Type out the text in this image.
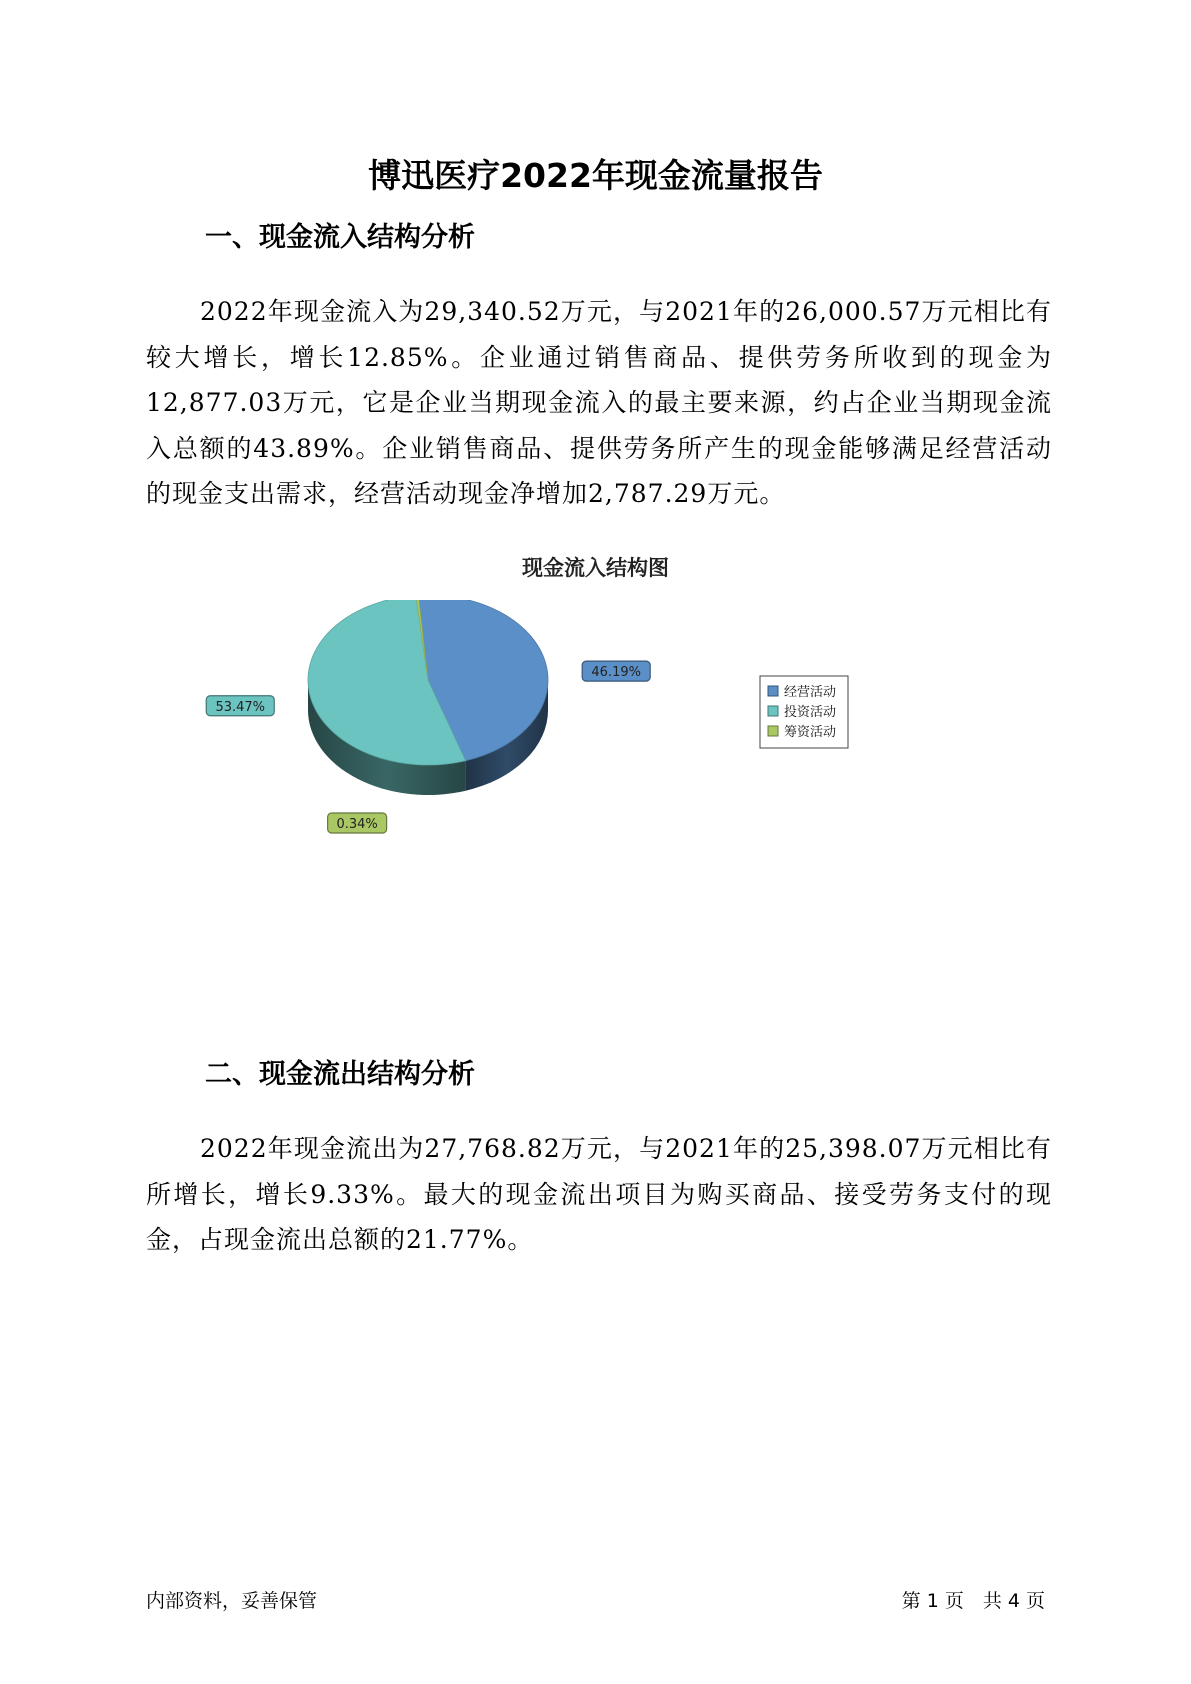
博迅医疗2022年现金流量报告
一、现金流入结构分析

2022年现金流入为29,340.52万元，与2021年的26,000.57万元相比有较大增长，增长12.85%。企业通过销售商品、提供劳务所收到的现金为12,877.03万元，它是企业当期现金流入的最主要来源，约占企业当期现金流入总额的43.89%。企业销售商品、提供劳务所产生的现金能够满足经营活动的现金支出需求，经营活动现金净增加2,787.29万元。

现金流入结构图
46.19%
53.47%
0.34%
经营活动
投资活动
筹资活动
二、现金流出结构分析

2022年现金流出为27,768.82万元，与2021年的25,398.07万元相比有所增长，增长9.33%。最大的现金流出项目为购买商品、接受劳务支付的现金，占现金流出总额的21.77%。

内部资料，妥善保管	第 1 页　共 4 页
